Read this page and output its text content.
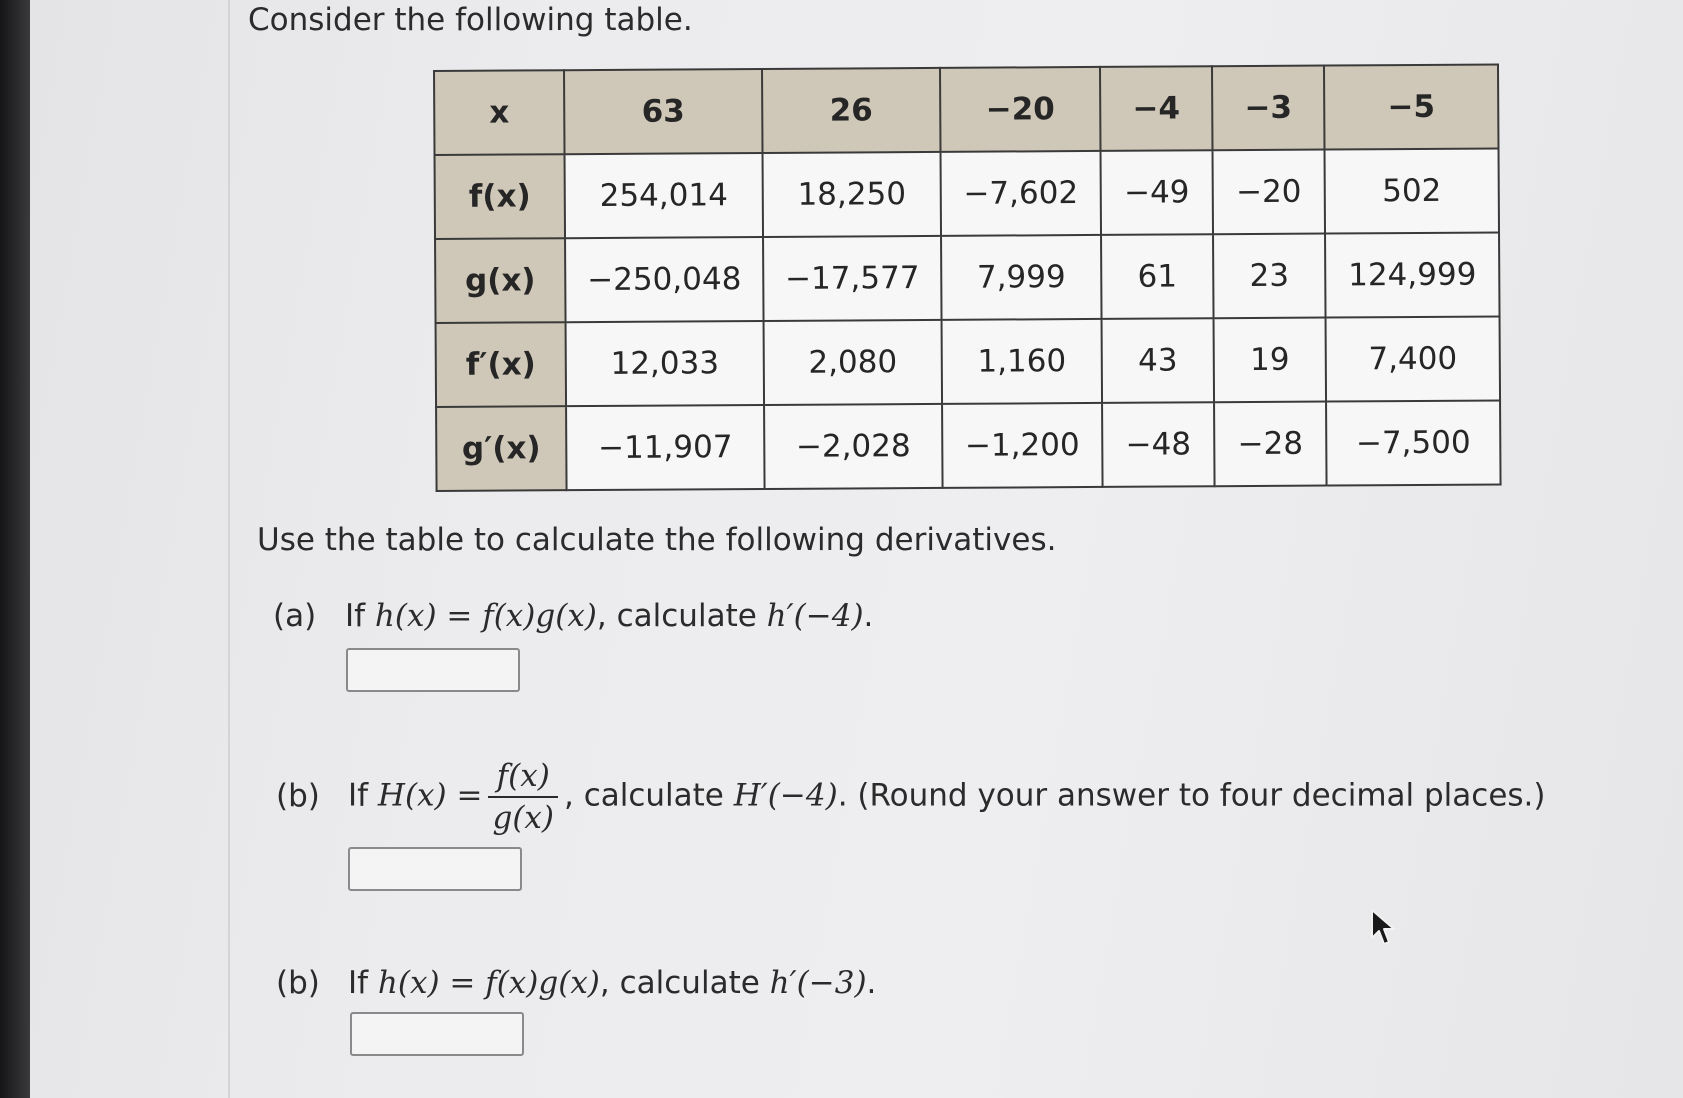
Consider the following table.
x	63	26	−20	−4	−3	−5
f(x)	254,014	18,250	−7,602	−49	−20	502
g(x)	−250,048	−17,577	7,999	61	23	124,999
f′(x)	12,033	2,080	1,160	43	19	7,400
g′(x)	−11,907	−2,028	−1,200	−48	−28	−7,500
Use the table to calculate the following derivatives.
(a) If h(x) = f(x)g(x), calculate h′(−4).
(b) If $H(x) = \frac{f(x)}{g(x)}$ , calculate H′(−4). (Round your answer to four decimal places.)
(b) If h(x) = f(x)g(x), calculate h′(−3).
